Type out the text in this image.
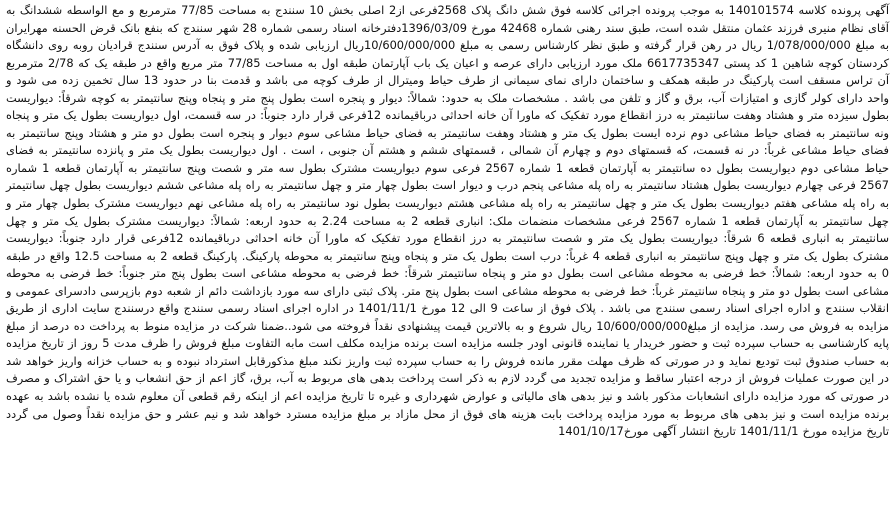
آگهی پرونده کلاسه 140101574 به موجب پرونده اجرائی کلاسه فوق شش دانگ پلاک 2568فرعی از2 اصلی بخش 10 سنندج به مساحت 77/85 مترمربع و مع الواسطه ششدانگ به آقای نظام منیری فرزند عثمان منتقل شده است، طبق سند رهنی شماره 42468 مورخ 1396/03/09دفترخانه اسناد رسمی شماره 28 شهر سنندج که بنفع بانک قرض الحسنه مهرایران به مبلغ 1/078/000/000 ریال در رهن قرار گرفته و طبق نظر کارشناس رسمی به مبلغ 10/600/000/000ریال ارزیابی شده و پلاک فوق به آدرس سنندج قرادیان روبه روی دانشگاه کردستان کوچه شاهین 1 کد پستی 6617735347 ملک مورد ارزیابی دارای عرصه و اعیان یک باب آپارتمان طبقه اول به مساحت 77/85 متر مربع واقع در طبقه یک که 2/78 مترمربع آن تراس مسقف است پارکینگ در طبقه همکف و ساختمان دارای نمای سیمانی از طرف حیاط ومیترال از طرف کوچه می باشد و قدمت بنا در حدود 13 سال تخمین زده می شود و واحد دارای کولر گازی و امتیازات آب، برق و گاز و تلفن می باشد . مشخصات ملک به حدود: شمالاً: دیوار و پنجره است بطول پنج متر و پنجاه وپنج سانتیمتر به کوچه شرقاً: دیواریست بطول سیزده متر و هشتاد وهفت سانتیمتر به درز انقطاع مورد تفکیک که ماورا آن خانه احداثی درباقیمانده 12فرعی قرار دارد جنوباً: در سه قسمت، اول دیواریست بطول یک متر و پنجاه ونه سانتیمتر به فضای حیاط مشاعی دوم نرده ایست بطول یک متر و هشتاد وهفت سانتیمتر به فضای حیاط مشاعی سوم دیوار و پنجره است بطول دو متر و هشتاد وپنج سانتیمتر به فضای حیاط مشاعی غرباً: در نه قسمت، که قسمتهای دوم و چهارم آن شمالی ، قسمتهای ششم و هشتم آن جنوبی ، است . اول دیواریست بطول یک متر و پانزده سانتیمتر به فضای حیاط مشاعی دوم دیواریست بطول ده سانتیمتر به آپارتمان قطعه 1 شماره 2567 فرعی سوم دیواریست مشترک بطول سه متر و شصت وپنج سانتیمتر به آپارتمان قطعه 1 شماره 2567 فرعی چهارم دیواریست بطول هشتاد سانتیمتر به راه پله مشاعی پنجم درب و دیوار است بطول چهار متر و چهل سانتیمتر به راه پله مشاعی ششم دیواریست بطول چهل سانتیمتر به راه پله مشاعی هفتم دیواریست بطول یک متر و چهل سانتیمتر به راه پله مشاعی هشتم دیواریست بطول نود سانتیمتر به راه پله مشاعی نهم دیواریست مشترک بطول چهار متر و چهل سانتیمتر به آپارتمان قطعه 1 شماره 2567 فرعی مشخصات منضمات ملک: انباری قطعه 2 به مساحت 2.24 به حدود اربعه: شمالاً: دیواریست مشترک بطول یک متر و چهل سانتیمتر به انباری قطعه 6 شرقاً: دیواریست بطول یک متر و شصت سانتیمتر به درز انقطاع مورد تفکیک که ماورا آن خانه احداثی درباقیمانده 12فرعی قرار دارد جنوباً: دیواریست مشترک بطول یک متر و چهل وپنج سانتیمتر به انباری قطعه 4 غرباً: درب است بطول یک متر و پنجاه وپنج سانتیمتر به محوطه پارکینگ. پارکینگ قطعه 2 به مساحت 12.5 واقع در طبقه 0 به حدود اربعه: شمالاً: خط فرضی به محوطه مشاعی است بطول دو متر و پنجاه سانتیمتر شرقاً: خط فرضی به محوطه مشاعی است بطول پنج متر جنوباً: خط فرضی به محوطه مشاعی است بطول دو متر و پنجاه سانتیمتر غرباً: خط فرضی به محوطه مشاعی است بطول پنج متر. پلاک ثبتی دارای سه مورد بازداشت دائم از شعبه دوم بازپرسی دادسرای عمومی و انقلاب سنندج و اداره اجرای اسناد رسمی سنندج می باشد . پلاک فوق از ساعت 9 الی 12 مورخ 1401/11/1 در اداره اجرای اسناد رسمی سنندج واقع درسنندج سایت اداری از طریق مزایده به فروش می رسد. مزایده از مبلغ10/600/000/000 ریال شروع و به بالاترین قیمت پیشنهادی نقداً فروخته می شود..ضمنا شرکت در مزایده منوط به پرداخت ده درصد از مبلغ پایه کارشناسی به حساب سپرده ثبت و حضور خریدار یا نماینده قانونی اودر جلسه مزایده است برنده مزایده مکلف است مابه التفاوت مبلغ فروش را ظرف مدت 5 روز از تاریخ مزایده به حساب صندوق ثبت تودیع نماید و در صورتی که ظرف مهلت مقرر مانده فروش را به حساب سپرده ثبت واریز نکند مبلغ مذکورقابل استرداد نبوده و به حساب خزانه واریز خواهد شد در این صورت عملیات فروش از درجه اعتبار ساقط و مزایده تجدید می گردد لازم به ذکر است پرداخت بدهی های مربوط به آب، برق، گاز اعم از حق انشعاب و یا حق اشتراک و مصرف در صورتی که مورد مزایده دارای انشعابات مذکور باشد و نیز بدهی های مالیاتی و عوارض شهرداری و غیره تا تاریخ مزایده اعم از اینکه رقم قطعی آن معلوم شده یا نشده باشد به عهده برنده مزایده است و نیز بدهی های مربوط به مورد مزایده پرداخت بابت هزینه های فوق از محل مازاد بر مبلغ مزایده مسترد خواهد شد و نیم عشر و حق مزایده نقداً وصول می گردد تاریخ مزایده مورخ 1401/11/1 تاریخ انتشار آگهی مورخ1401/10/17
